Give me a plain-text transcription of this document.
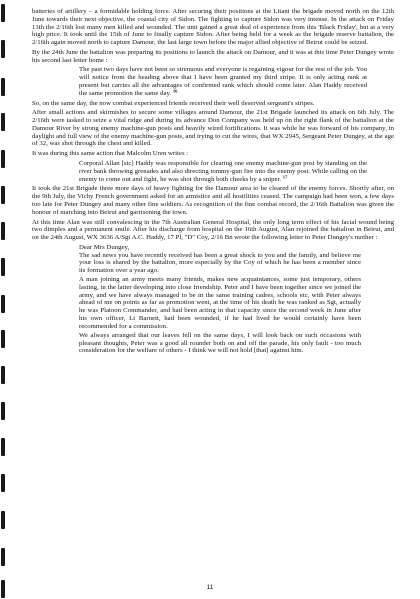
batteries of artillery – a formidable holding force. After securing their positions at the Litani the brigade moved north on the 12th June towards their next objective, the coastal city of Sidon. The fighting to capture Sidon was very intense. In the attack on Friday 13th the 2/16th lost many men killed and wounded. The unit gained a great deal of experience from this 'Black Friday', but at a very high price. It took until the 15th of June to finally capture Sidon. After being held for a week as the brigade reserve battalion, the 2/16th again moved north to capture Damour, the last large town before the major allied objective of Beirut could be seized.

By the 24th June the battalion was preparing its positions to launch the attack on Damour, and it was at this time Peter Dungey wrote his second last letter home :

The past two days have not been so strenuous and everyone is regaining vigour for the rest of the job. You will notice from the heading above that I have been granted my third stripe. It is only acting rank at present but carries all the advantages of confirmed rank which should come later. Alan Haddy received the same promotion the same day. $^{16}$

So, on the same day, the now combat experienced friends received their well deserved sergeant's stripes.

After small actions and skirmishes to secure some villages around Damour, the 21st Brigade launched its attack on 6th July. The 2/16th were tasked to seize a vital ridge and during its advance Don Company was held up on the right flank of the battalion at the Damour River by strong enemy machine-gun posts and heavily wired fortifications. It was while he was forward of his company, in daylight and full view of the enemy machine-gun posts, and trying to cut the wires, that WX 2945, Sergeant Peter Dungey, at the age of 32, was shot through the chest and killed.

It was during this same action that Malcolm Uren writes :

Corporal Allan [sic] Haddy was responsible for clearing one enemy machine-gun post by standing on the river bank throwing grenades and also directing tommy-gun fire into the enemy post. While calling on the enemy to come out and fight, he was shot through both cheeks by a sniper. $^{17}$

It took the 21st Brigade three more days of heavy fighting for the Damour area to be cleared of the enemy forces. Shortly after, on the 9th July, the Vichy French government asked for an armistice and all hostilities ceased. The campaign had been won, a few days too late for Peter Dungey and many other fine soldiers. As recognition of the fine combat record, the 2/16th Battalion was given the honour of marching into Beirut and garrisoning the town.

At this time Alan was still convalescing in the 7th Australian General Hospital, the only long term effect of his facial wound being two dimples and a permanent smile. After his discharge from hospital on the 16th August, Alan rejoined the battalion in Beirut, and on the 24th August, WX 3636 A/Sgt A.C. Haddy, 17 Pl, "D" Coy, 2/16 Bn wrote the following letter to Peter Dungey's mother :

Dear Mrs Dungey,

The sad news you have recently received has been a great shock to you and the family, and believe me your loss is shared by the battalion, more especially by the Coy of which he has been a member since its formation over a year ago.

A man joining an army meets many friends, makes new acquaintances, some just temporary, others lasting, in the latter developing into close friendship. Peter and I have been together since we joined the army, and we have always managed to be in the same training cadres, schools etc, with Peter always ahead of me on points as far as promotion went, at the time of his death he was ranked as Sgt, actually he was Platoon Commander, and had been acting in that capacity since the second week in June after his own officer, Lt Barnett, had been wounded, if he had lived he would certainly have been recommended for a commission.

We always arranged that our leaves fell on the same days, I will look back on such occasions with pleasant thoughts, Peter was a good all rounder both on and off the parade, his only fault - too much consideration for the welfare of others - I think we will not hold [that] against him.

11
